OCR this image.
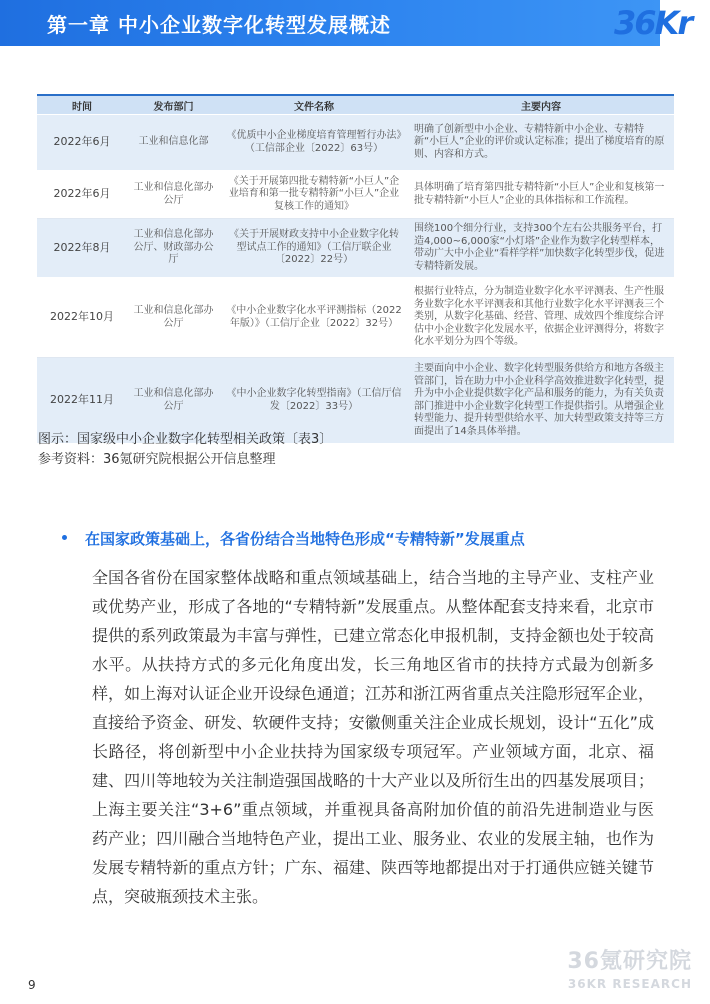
第一章 中小企业数字化转型发展概述	36Kr
时间	发布部门	文件名称	主要内容
2022年6月	工业和信息化部	《优质中小企业梯度培育管理暂行办法》（工信部企业〔2022〕63号）	明确了创新型中小企业、专精特新中小企业、专精特新“小巨人”企业的评价或认定标准；提出了梯度培育的原则、内容和方式。
2022年6月	工业和信息化部办公厅	《关于开展第四批专精特新“小巨人”企业培育和第一批专精特新“小巨人”企业复核工作的通知》	具体明确了培育第四批专精特新“小巨人”企业和复核第一批专精特新“小巨人”企业的具体指标和工作流程。
2022年8月	工业和信息化部办公厅、财政部办公厅	《关于开展财政支持中小企业数字化转型试点工作的通知》（工信厅联企业〔2022〕22号）	围绕100个细分行业，支持300个左右公共服务平台，打造4,000~6,000家“小灯塔”企业作为数字化转型样本，带动广大中小企业“看样学样”加快数字化转型步伐，促进专精特新发展。
2022年10月	工业和信息化部办公厅	《中小企业数字化水平评测指标（2022年版）》（工信厅企业〔2022〕32号）	根据行业特点，分为制造业数字化水平评测表、生产性服务业数字化水平评测表和其他行业数字化水平评测表三个类别，从数字化基础、经营、管理、成效四个维度综合评估中小企业数字化发展水平，依据企业评测得分，将数字化水平划分为四个等级。
2022年11月	工业和信息化部办公厅	《中小企业数字化转型指南》（工信厅信发〔2022〕33号）	主要面向中小企业、数字化转型服务供给方和地方各级主管部门，旨在助力中小企业科学高效推进数字化转型，提升为中小企业提供数字化产品和服务的能力，为有关负责部门推进中小企业数字化转型工作提供指引。从增强企业转型能力、提升转型供给水平、加大转型政策支持等三方面提出了14条具体举措。
图示：国家级中小企业数字化转型相关政策〔表3〕
参考资料：36氪研究院根据公开信息整理
在国家政策基础上，各省份结合当地特色形成“专精特新”发展重点
全国各省份在国家整体战略和重点领域基础上，结合当地的主导产业、支柱产业或优势产业，形成了各地的“专精特新”发展重点。从整体配套支持来看，北京市提供的系列政策最为丰富与弹性，已建立常态化申报机制，支持金额也处于较高水平。从扶持方式的多元化角度出发，长三角地区省市的扶持方式最为创新多样，如上海对认证企业开设绿色通道；江苏和浙江两省重点关注隐形冠军企业，直接给予资金、研发、软硬件支持；安徽侧重关注企业成长规划，设计“五化”成长路径，将创新型中小企业扶持为国家级专项冠军。产业领域方面，北京、福建、四川等地较为关注制造强国战略的十大产业以及所衍生出的四基发展项目；上海主要关注“3+6”重点领域，并重视具备高附加价值的前沿先进制造业与医药产业；四川融合当地特色产业，提出工业、服务业、农业的发展主轴，也作为发展专精特新的重点方针；广东、福建、陕西等地都提出对于打通供应链关键节点，突破瓶颈技术主张。
9
36氪研究院
36KR RESEARCH
